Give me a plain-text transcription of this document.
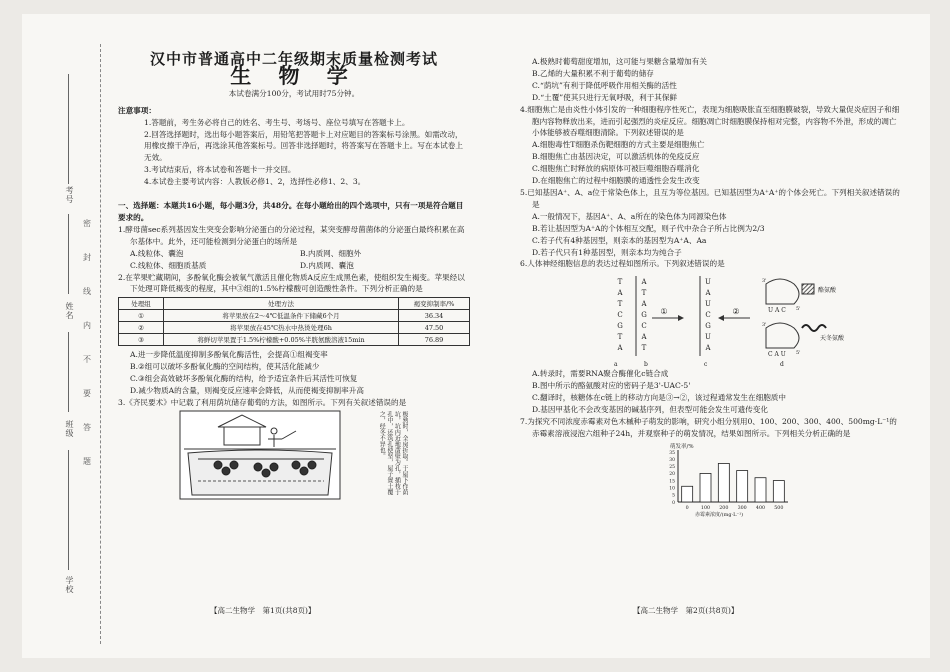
考号
姓名
班级
学校
密
封
线
内
不
要
答
题
汉中市普通高中二年级期末质量检测考试
生 物 学
本试卷满分100分，考试用时75分钟。
注意事项：
1.答题前，考生务必将自己的姓名、考生号、考场号、座位号填写在答题卡上。
2.回答选择题时，选出每小题答案后，用铅笔把答题卡上对应题目的答案标号涂黑。如需改动，用橡皮擦干净后，再选涂其他答案标号。回答非选择题时，将答案写在答题卡上。写在本试卷上无效。
3.考试结束后，将本试卷和答题卡一并交回。
4.本试卷主要考试内容：人教版必修1、2，选择性必修1、2、3。
一、选择题：本题共16小题，每小题3分，共48分。在每小题给出的四个选项中，只有一项是符合题目要求的。
1.酵母菌sec系列基因发生突变会影响分泌蛋白的分泌过程，某突变酵母菌菌体的分泌蛋白最终积累在高尔基体中。此外，还可能检测到分泌蛋白的场所是
A.线粒体、囊泡	B.内质网、细胞外
C.线粒体、细胞质基质	D.内质网、囊泡
2.在苹果贮藏期间，多酚氧化酶会被氧气激活且催化物质A反应生成黑色素，使组织发生褐变。苹果经以下处理可降低褐变的程度，其中③组的1.5%柠檬酸可创造酸性条件。下列分析正确的是
处理组	处理方法	褐变抑制率/%
①	将苹果放在2～4℃低温条件下储藏6个月	36.34
②	将苹果放在45℃热水中热烫处理6h	47.50
③	将鲜切苹果置于1.5%柠檬酸+0.05%半胱氨酸溶液15min	76.89
A.进一步降低温度抑制多酚氧化酶活性，会提高①组褐变率
B.②组可以破坏多酚氧化酶的空间结构，使其活化能减少
C.③组会高效破坏多酚氧化酶的结构，给予适宜条件后其活性可恢复
D.减少物质A的含量，则褐变反应速率会降低，从而使褐变抑制率升高
3.《齐民要术》中记载了利用荫坑储存葡萄的方法，如图所示。下列有关叙述错误的是
极熟时，全房折取。于屋下作荫坑，坑内近地凿壁为孔，插枝于孔中，还筑孔使坚，屋子置土覆之，经冬不异也。
A.极熟时葡萄甜度增加，这可能与果糖含量增加有关
B.乙烯的大量积累不利于葡萄的储存
C.“荫坑”有利于降低呼吸作用相关酶的活性
D.“土覆”使其只进行无氧呼吸，利于其保鲜
4.细胞焦亡是由炎性小体引发的一种细胞程序性死亡，表现为细胞吸胀直至细胞膜破裂，导致大量促炎症因子和细胞内容物释放出来，进而引起强烈的炎症反应。细胞凋亡时细胞膜保持相对完整，内容物不外泄，形成的凋亡小体能够被吞噬细胞清除。下列叙述错误的是
A.细胞毒性T细胞杀伤靶细胞的方式主要是细胞焦亡
B.细胞焦亡由基因决定，可以激活机体的免疫反应
C.细胞焦亡时释放的病原体可被巨噬细胞吞噬消化
D.在细胞焦亡的过程中细胞膜的通透性会发生改变
5.已知基因A⁺、A、a位于常染色体上，且互为等位基因。已知基因型为A⁺A⁺的个体会死亡。下列相关叙述错误的是
A.一般情况下，基因A⁺、A、a所在的染色体为同源染色体
B.若让基因型为A⁺A的个体相互交配，则子代中杂合子所占比例为2/3
C.若子代有4种基因型，则亲本的基因型为A⁺A、Aa
D.若子代只有1种基因型，则亲本均为纯合子
6.人体神经细胞信息的表达过程如图所示。下列叙述错误的是
T
A
T
C
G
T
A
A
T
A
G
C
A
T
U
A
U
C
G
U
A
①	②	U A C
3'
5'
酪氨酸
C A U
3'
5'
天冬氨酸
a	b	c	d
A.转录时，需要RNA聚合酶催化c链合成
B.图中所示的酪氨酸对应的密码子是3'-UAC-5'
C.翻译时，核糖体在c链上的移动方向是③→②，该过程通常发生在细胞质中
D.基因甲基化不会改变基因的碱基序列，但表型可能会发生可遗传变化
7.为探究不同浓度赤霉素对色木槭种子萌发的影响，研究小组分别用0、100、200、300、400、500mg·L⁻¹的赤霉素溶液浸泡六组种子24h，并观察种子的萌发情况，结果如图所示。下列相关分析正确的是
萌发率/%
赤霉素浓度/(mg·L⁻¹)
35
30
25
20
15
10
5
0
0	100 200 300 400 500
【高二生物学　第1页(共8页)】	【高二生物学　第2页(共8页)】
